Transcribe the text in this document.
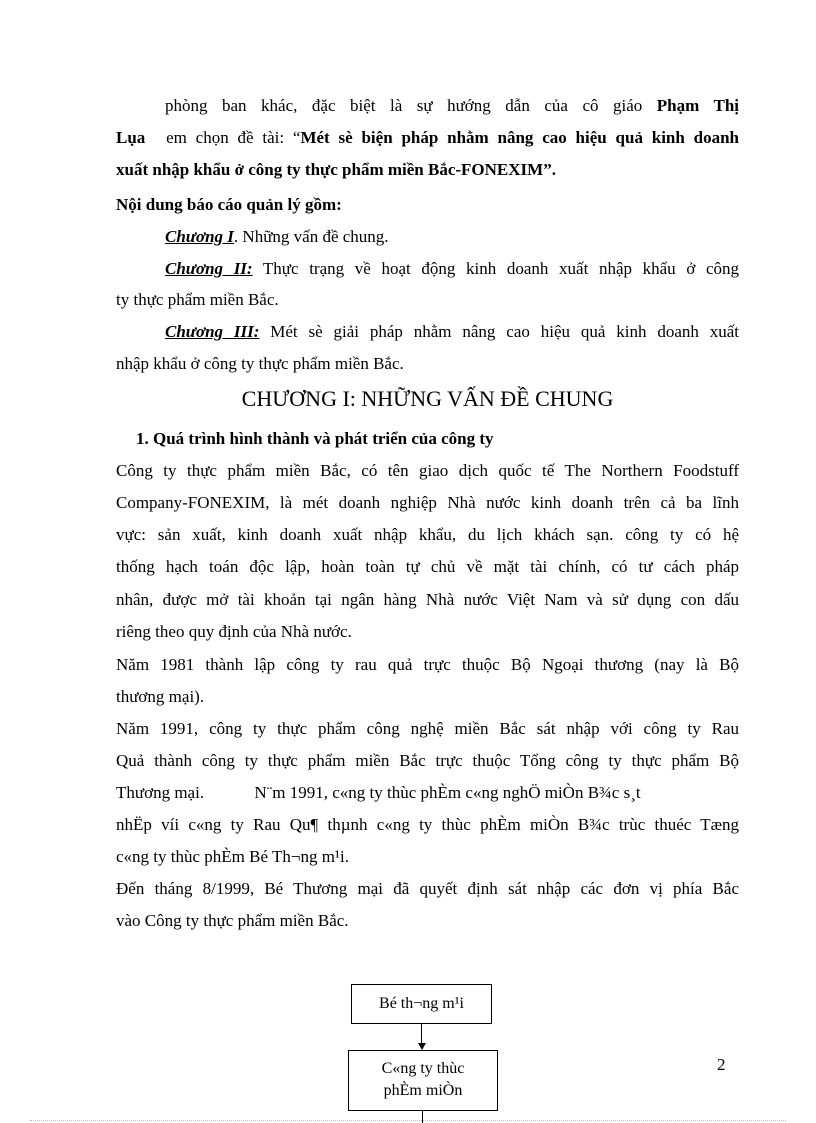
phòng ban khác, đặc biệt là sự hướng dẫn của cô giáo Phạm Thị
Lụa em chọn đề tài: “Mét sè biện pháp nhằm nâng cao hiệu quả kinh doanh
xuất nhập khẩu ở công ty thực phẩm miền Bắc-FONEXIM”.
Nội dung báo cáo quản lý gồm:
Chương I. Những vấn đề chung.
Chương II: Thực trạng về hoạt động kinh doanh xuất nhập khẩu ở công
ty thực phẩm miền Bắc.
Chương III: Mét sè giải pháp nhằm nâng cao hiệu quả kinh doanh xuất
nhập khẩu ở công ty thực phẩm miền Bắc.
CHƯƠNG I: NHỮNG VẤN ĐỀ CHUNG
1. Quá trình hình thành và phát triển của công ty
Công ty thực phẩm miền Bắc, có tên giao dịch quốc tế The Northern Foodstuff
Company-FONEXIM, là mét doanh nghiệp Nhà nước kinh doanh trên cả ba lĩnh
vực: sản xuất, kinh doanh xuất nhập khẩu, du lịch khách sạn. công ty có hệ
thống hạch toán độc lập, hoàn toàn tự chủ về mặt tài chính, có tư cách pháp
nhân, được mở tài khoản tại ngân hàng Nhà nước Việt Nam và sử dụng con dấu
riêng theo quy định của Nhà nước.
Năm 1981 thành lập công ty rau quả trực thuộc Bộ Ngoại thương (nay là Bộ
thương mại).
Năm 1991, công ty thực phẩm công nghệ miền Bắc sát nhập với công ty Rau
Quả thành công ty thực phẩm miền Bắc trực thuộc Tổng công ty thực phẩm Bộ
Thương mại.	N¨m 1991, c«ng ty thùc phÈm c«ng nghÖ miÒn B¾c s¸t
nhËp víi c«ng ty Rau Qu¶ thµnh c«ng ty thùc phÈm miÒn B¾c trùc thuéc Tæng
c«ng ty thùc phÈm Bé Th¬ng m¹i.
Đến tháng 8/1999, Bé Thương mại đã quyết định sát nhập các đơn vị phía Bắc
vào Công ty thực phẩm miền Bắc.
Bé th¬ng m¹i
C«ng ty thùc
phÈm miÒn
2
